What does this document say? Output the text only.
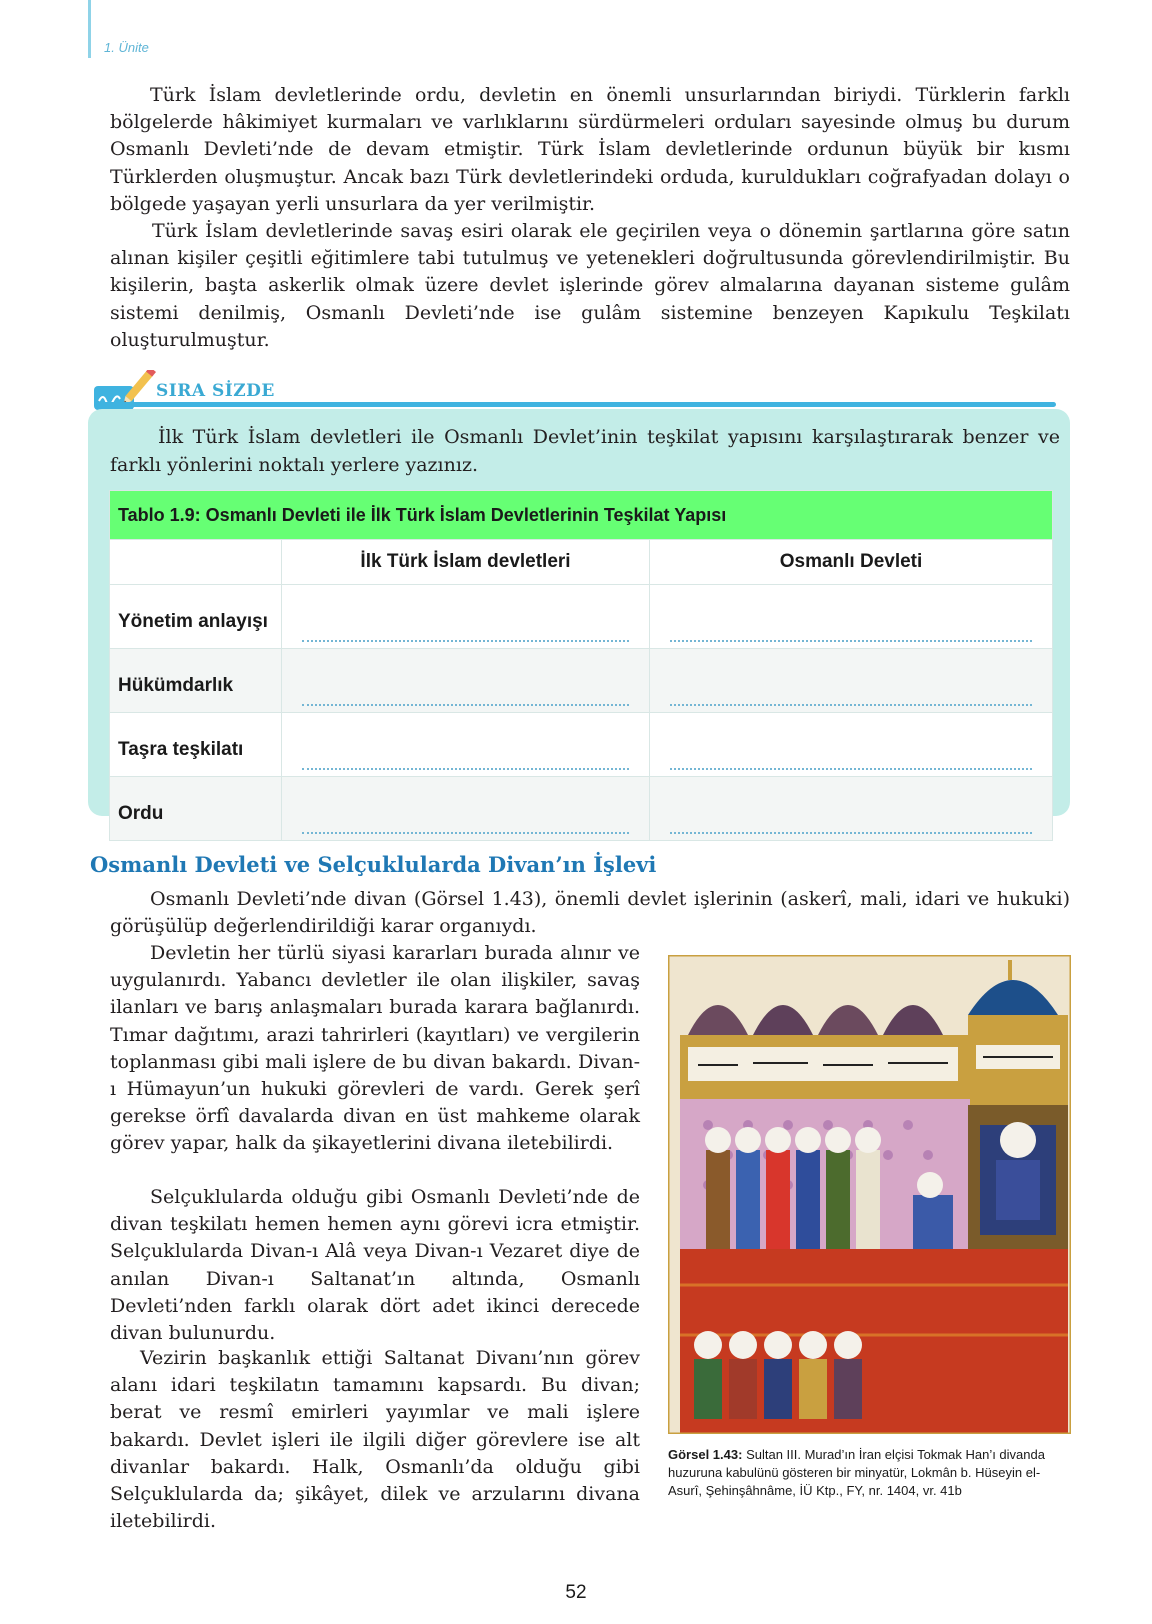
1. Ünite

Türk İslam devletlerinde ordu, devletin en önemli unsurlarından biriydi. Türklerin farklı bölgelerde hâkimiyet kurmaları ve varlıklarını sürdürmeleri orduları sayesinde olmuş bu durum Osmanlı Devleti’nde de devam etmiştir. Türk İslam devletlerinde ordunun büyük bir kısmı Türklerden oluşmuştur. Ancak bazı Türk devletlerindeki orduda, kuruldukları coğrafyadan dolayı o bölgede yaşayan yerli unsurlara da yer verilmiştir.

Türk İslam devletlerinde savaş esiri olarak ele geçirilen veya o dönemin şartlarına göre satın alınan kişiler çeşitli eğitimlere tabi tutulmuş ve yetenekleri doğrultusunda görevlendirilmiştir. Bu kişilerin, başta askerlik olmak üzere devlet işlerinde görev almalarına dayanan sisteme gulâm sistemi denilmiş, Osmanlı Devleti’nde ise gulâm sistemine benzeyen Kapıkulu Teşkilatı oluşturulmuştur.

SIRA SİZDE

İlk Türk İslam devletleri ile Osmanlı Devlet’inin teşkilat yapısını karşılaştırarak benzer ve farklı yönlerini noktalı yerlere yazınız.

Tablo 1.9: Osmanlı Devleti ile İlk Türk İslam Devletlerinin Teşkilat Yapısı		
	İlk Türk İslam devletleri	Osmanlı Devleti
Yönetim anlayışı	

Hükümdarlık	

Taşra teşkilatı	

Ordu	

Osmanlı Devleti ve Selçuklularda Divan’ın İşlevi

Osmanlı Devleti’nde divan (Görsel 1.43), önemli devlet işlerinin (askerî, mali, idari ve hukuki) görüşülüp değerlendirildiği karar organıydı.

Devletin her türlü siyasi kararları burada alınır ve uygulanırdı. Yabancı devletler ile olan ilişkiler, savaş ilanları ve barış anlaşmaları burada karara bağlanırdı. Tımar dağıtımı, arazi tahrirleri (kayıtları) ve vergilerin toplanması gibi mali işlere de bu divan bakardı. Divan-ı Hümayun’un hukuki görevleri de vardı. Gerek şerî gerekse örfî davalarda divan en üst mahkeme olarak görev yapar, halk da şikayetlerini divana iletebilirdi.

Selçuklularda olduğu gibi Osmanlı Devleti’nde de divan teşkilatı hemen hemen aynı görevi icra etmiştir. Selçuklularda Divan-ı Alâ veya Divan-ı Vezaret diye de anılan Divan-ı Saltanat’ın altında, Osmanlı Devleti’nden farklı olarak dört adet ikinci derecede divan bulunurdu.

Vezirin başkanlık ettiği Saltanat Divanı’nın görev alanı idari teşkilatın tamamını kapsardı. Bu divan; berat ve resmî emirleri yayımlar ve mali işlere bakardı. Devlet işleri ile ilgili diğer görevlere ise alt divanlar bakardı. Halk, Osmanlı’da olduğu gibi Selçuklularda da; şikâyet, dilek ve arzularını divana iletebilirdi.

Görsel 1.43: Sultan III. Murad’ın İran elçisi Tokmak Han’ı divanda huzuruna kabulünü gösteren bir minyatür, Lokmân b. Hüseyin el-Asurî, Şehinşâhnâme, İÜ Ktp., FY, nr. 1404, vr. 41b

52
